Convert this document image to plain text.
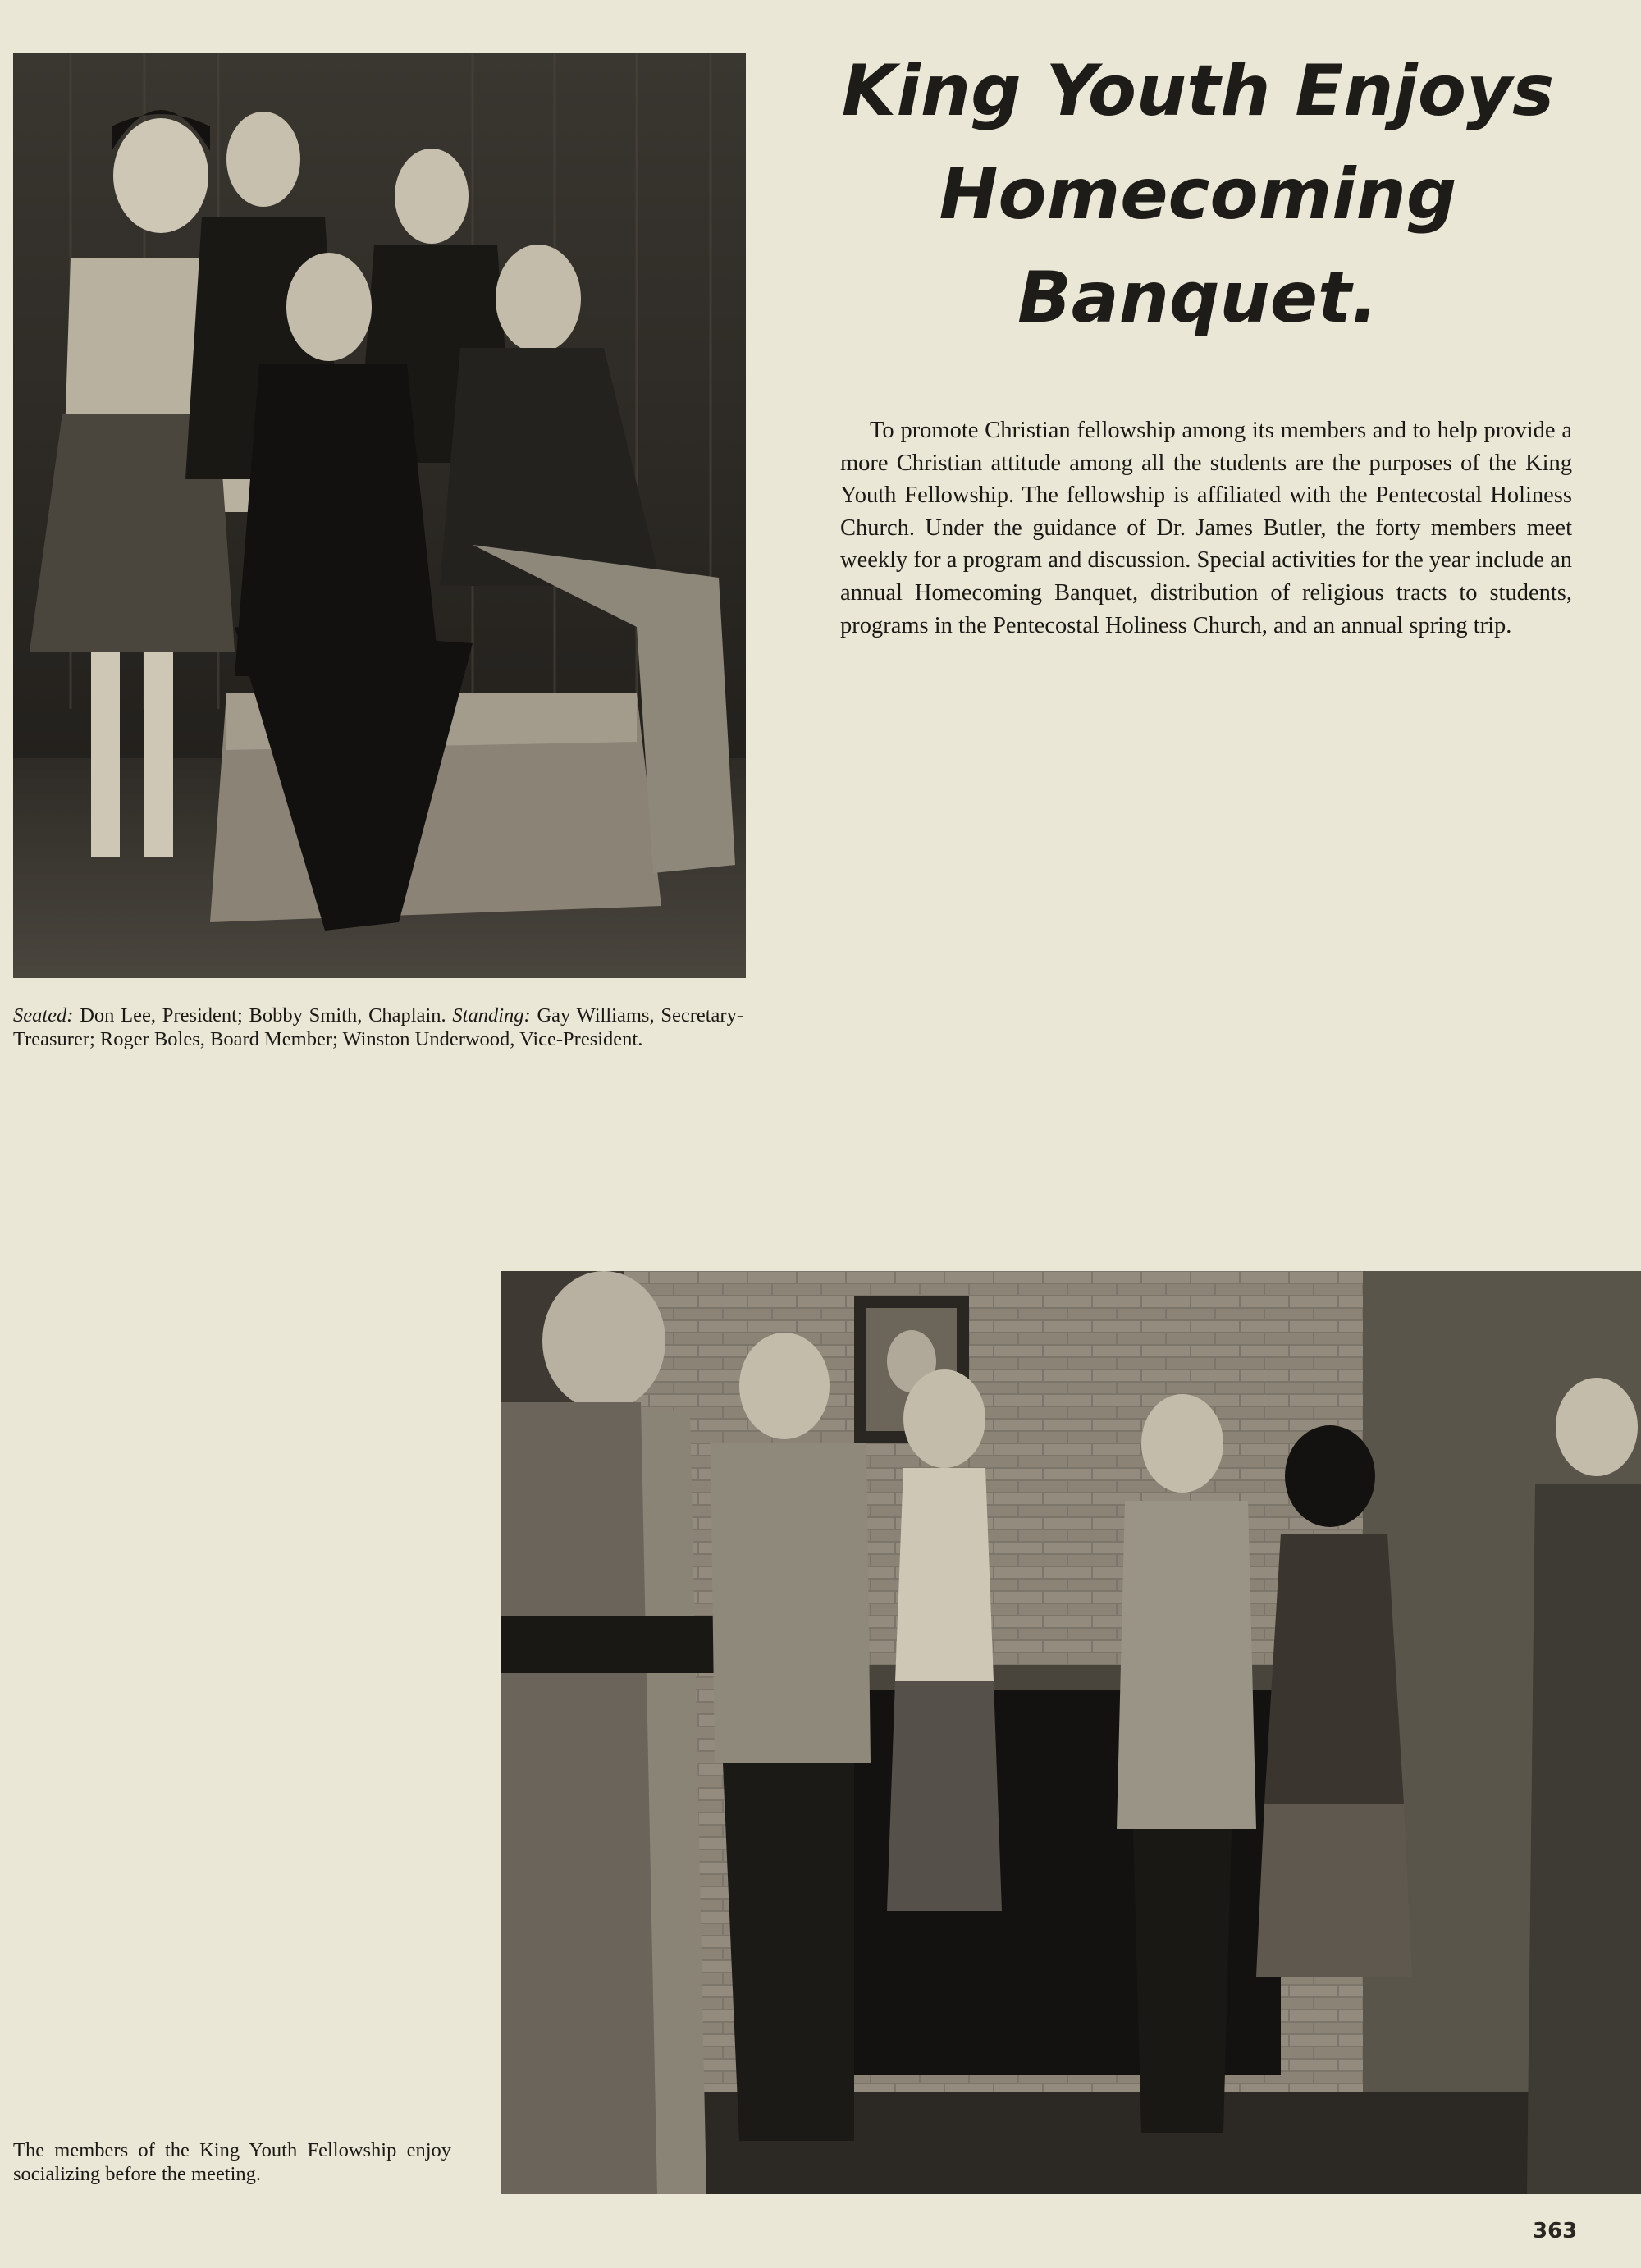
King Youth Enjoys
Homecoming Banquet.

To promote Christian fellowship among its members and to help provide a more Christian attitude among all the students are the purposes of the King Youth Fellowship. The fellowship is affiliated with the Pentecostal Holiness Church. Under the guidance of Dr. James Butler, the forty members meet weekly for a program and discussion. Special activities for the year include an annual Homecoming Banquet, distribution of religious tracts to students, programs in the Pentecostal Holiness Church, and an annual spring trip.

Seated: Don Lee, President; Bobby Smith, Chaplain. Standing: Gay Williams, Secretary-Treasurer; Roger Boles, Board Member; Winston Underwood, Vice-President.

The members of the King Youth Fellowship enjoy socializing before the meeting.

363
